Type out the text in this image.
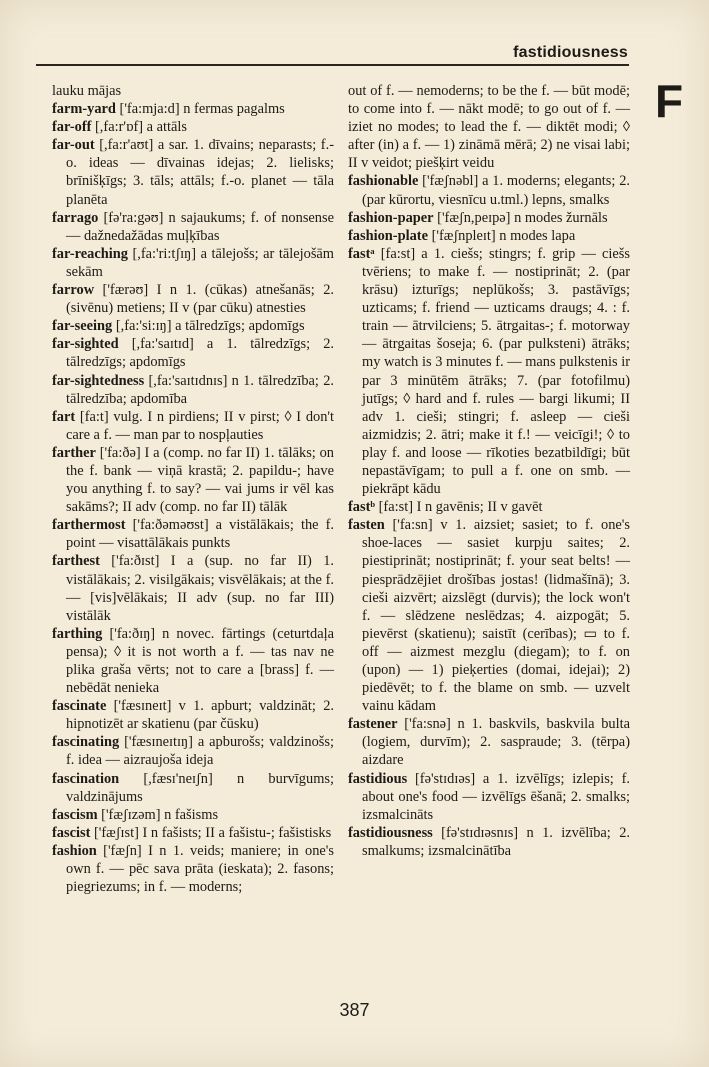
fastidiousness
F

lauku mājas

farm-yard ['fa:mja:d] n fermas pagalms

far-off [,fa:r'ɒf] a attāls

far-out [,fa:r'aʊt] a sar. 1. dīvains; neparasts; f.-o. ideas — dīvainas idejas; 2. lielisks; brīnišķīgs; 3. tāls; attāls; f.-o. planet — tāla planēta

farrago [fə'ra:gəʊ] n sajaukums; f. of nonsense — dažnedažādas muļķības

far-reaching [,fa:'ri:tʃɪŋ] a tālejošs; ar tālejošām sekām

farrow ['færəʊ] I n 1. (cūkas) atnešanās; 2. (sivēnu) metiens; II v (par cūku) atnesties

far-seeing [,fa:'si:ɪŋ] a tālredzīgs; apdomīgs

far-sighted [,fa:'saɪtɪd] a 1. tālredzīgs; 2. tālredzīgs; apdomīgs

far-sightedness [,fa:'saɪtɪdnɪs] n 1. tālredzība; 2. tālredzība; apdomība

fart [fa:t] vulg. I n pirdiens; II v pirst; ◊ I don't care a f. — man par to nospļauties

farther ['fa:ðə] I a (comp. no far II) 1. tālāks; on the f. bank — viņā krastā; 2. papildu-; have you anything f. to say? — vai jums ir vēl kas sakāms?; II adv (comp. no far II) tālāk

farthermost ['fa:ðəməʊst] a vistālākais; the f. point — visattālākais punkts

farthest ['fa:ðɪst] I a (sup. no far II) 1. vistālākais; 2. visilgākais; visvēlākais; at the f. — [vis]vēlākais; II adv (sup. no far III) vistālāk

farthing ['fa:ðɪŋ] n novec. fārtings (ceturtdaļa pensa); ◊ it is not worth a f. — tas nav ne plika graša vērts; not to care a [brass] f. — nebēdāt nenieka

fascinate ['fæsɪneɪt] v 1. apburt; valdzināt; 2. hipnotizēt ar skatienu (par čūsku)

fascinating ['fæsɪneɪtɪŋ] a apburošs; valdzinošs; f. idea — aizraujoša ideja

fascination [,fæsɪ'neɪʃn] n burvīgums; valdzinājums

fascism ['fæʃɪzəm] n fašisms

fascist ['fæʃɪst] I n fašists; II a fašistu-; fašistisks

fashion ['fæʃn] I n 1. veids; maniere; in one's own f. — pēc sava prāta (ieskata); 2. fasons; piegriezums; in f. — moderns;

out of f. — nemoderns; to be the f. — būt modē; to come into f. — nākt modē; to go out of f. — iziet no modes; to lead the f. — diktēt modi; ◊ after (in) a f. — 1) zināmā mērā; 2) ne visai labi; II v veidot; piešķirt veidu

fashionable ['fæʃnəbl] a 1. moderns; elegants; 2. (par kūrortu, viesnīcu u.tml.) lepns, smalks

fashion-paper ['fæʃn,peɪpə] n modes žurnāls

fashion-plate ['fæʃnpleɪt] n modes lapa

fastᵃ [fa:st] a 1. ciešs; stingrs; f. grip — ciešs tvēriens; to make f. — nostiprināt; 2. (par krāsu) izturīgs; neplūkošs; 3. pastāvīgs; uzticams; f. friend — uzticams draugs; 4. : f. train — ātrvilciens; 5. ātrgaitas-; f. motorway — ātrgaitas šoseja; 6. (par pulksteni) ātrāks; my watch is 3 minutes f. — mans pulkstenis ir par 3 minūtēm ātrāks; 7. (par fotofilmu) jutīgs; ◊ hard and f. rules — bargi likumi; II adv 1. cieši; stingri; f. asleep — cieši aizmidzis; 2. ātri; make it f.! — veicīgi!; ◊ to play f. and loose — rīkoties bezatbildīgi; būt nepastāvīgam; to pull a f. one on smb. — piekrāpt kādu

fastᵇ [fa:st] I n gavēnis; II v gavēt

fasten ['fa:sn] v 1. aizsiet; sasiet; to f. one's shoe-laces — sasiet kurpju saites; 2. piestiprināt; nostiprināt; f. your seat belts! — piesprādzējiet drošības jostas! (lidmašīnā); 3. cieši aizvērt; aizslēgt (durvis); the lock won't f. — slēdzene neslēdzas; 4. aizpogāt; 5. pievērst (skatienu); saistīt (cerības); ▭ to f. off — aizmest mezglu (diegam); to f. on (upon) — 1) pieķerties (domai, idejai); 2) piedēvēt; to f. the blame on smb. — uzvelt vainu kādam

fastener ['fa:snə] n 1. baskvils, baskvila bulta (logiem, durvīm); 2. saspraude; 3. (tērpa) aizdare

fastidious [fə'stɪdɪəs] a 1. izvēlīgs; izlepis; f. about one's food — izvēlīgs ēšanā; 2. smalks; izsmalcināts

fastidiousness [fə'stɪdɪəsnɪs] n 1. izvēlība; 2. smalkums; izsmalcinātība

387
